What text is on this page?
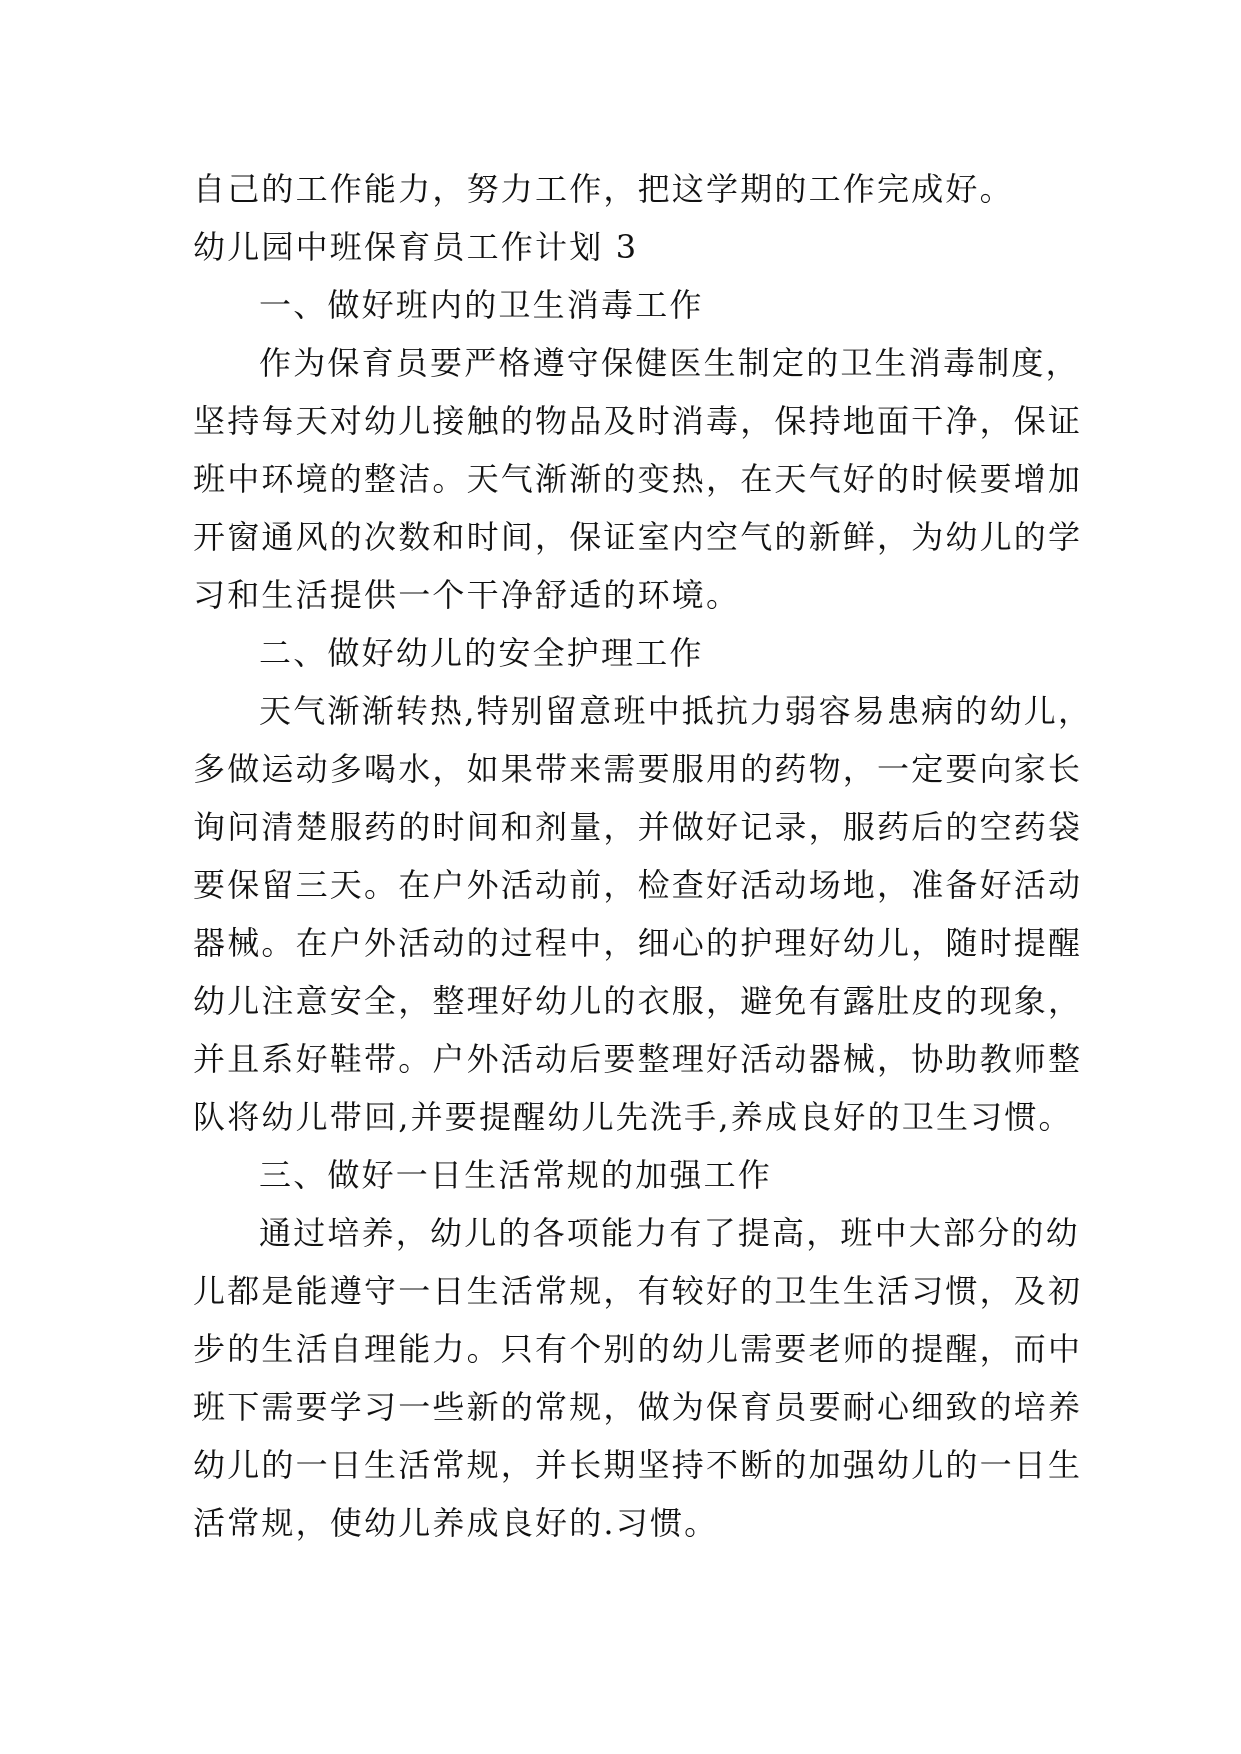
自己的工作能力，努力工作，把这学期的工作完成好。
幼儿园中班保育员工作计划 3
一、做好班内的卫生消毒工作
作为保育员要严格遵守保健医生制定的卫生消毒制度，
坚持每天对幼儿接触的物品及时消毒，保持地面干净，保证
班中环境的整洁。天气渐渐的变热，在天气好的时候要增加
开窗通风的次数和时间，保证室内空气的新鲜，为幼儿的学
习和生活提供一个干净舒适的环境。
二、做好幼儿的安全护理工作
天气渐渐转热,特别留意班中抵抗力弱容易患病的幼儿，
多做运动多喝水，如果带来需要服用的药物，一定要向家长
询问清楚服药的时间和剂量，并做好记录，服药后的空药袋
要保留三天。在户外活动前，检查好活动场地，准备好活动
器械。在户外活动的过程中，细心的护理好幼儿，随时提醒
幼儿注意安全，整理好幼儿的衣服，避免有露肚皮的现象，
并且系好鞋带。户外活动后要整理好活动器械，协助教师整
队将幼儿带回,并要提醒幼儿先洗手,养成良好的卫生习惯。
三、做好一日生活常规的加强工作
通过培养，幼儿的各项能力有了提高，班中大部分的幼
儿都是能遵守一日生活常规，有较好的卫生生活习惯，及初
步的生活自理能力。只有个别的幼儿需要老师的提醒，而中
班下需要学习一些新的常规，做为保育员要耐心细致的培养
幼儿的一日生活常规，并长期坚持不断的加强幼儿的一日生
活常规，使幼儿养成良好的.习惯。
